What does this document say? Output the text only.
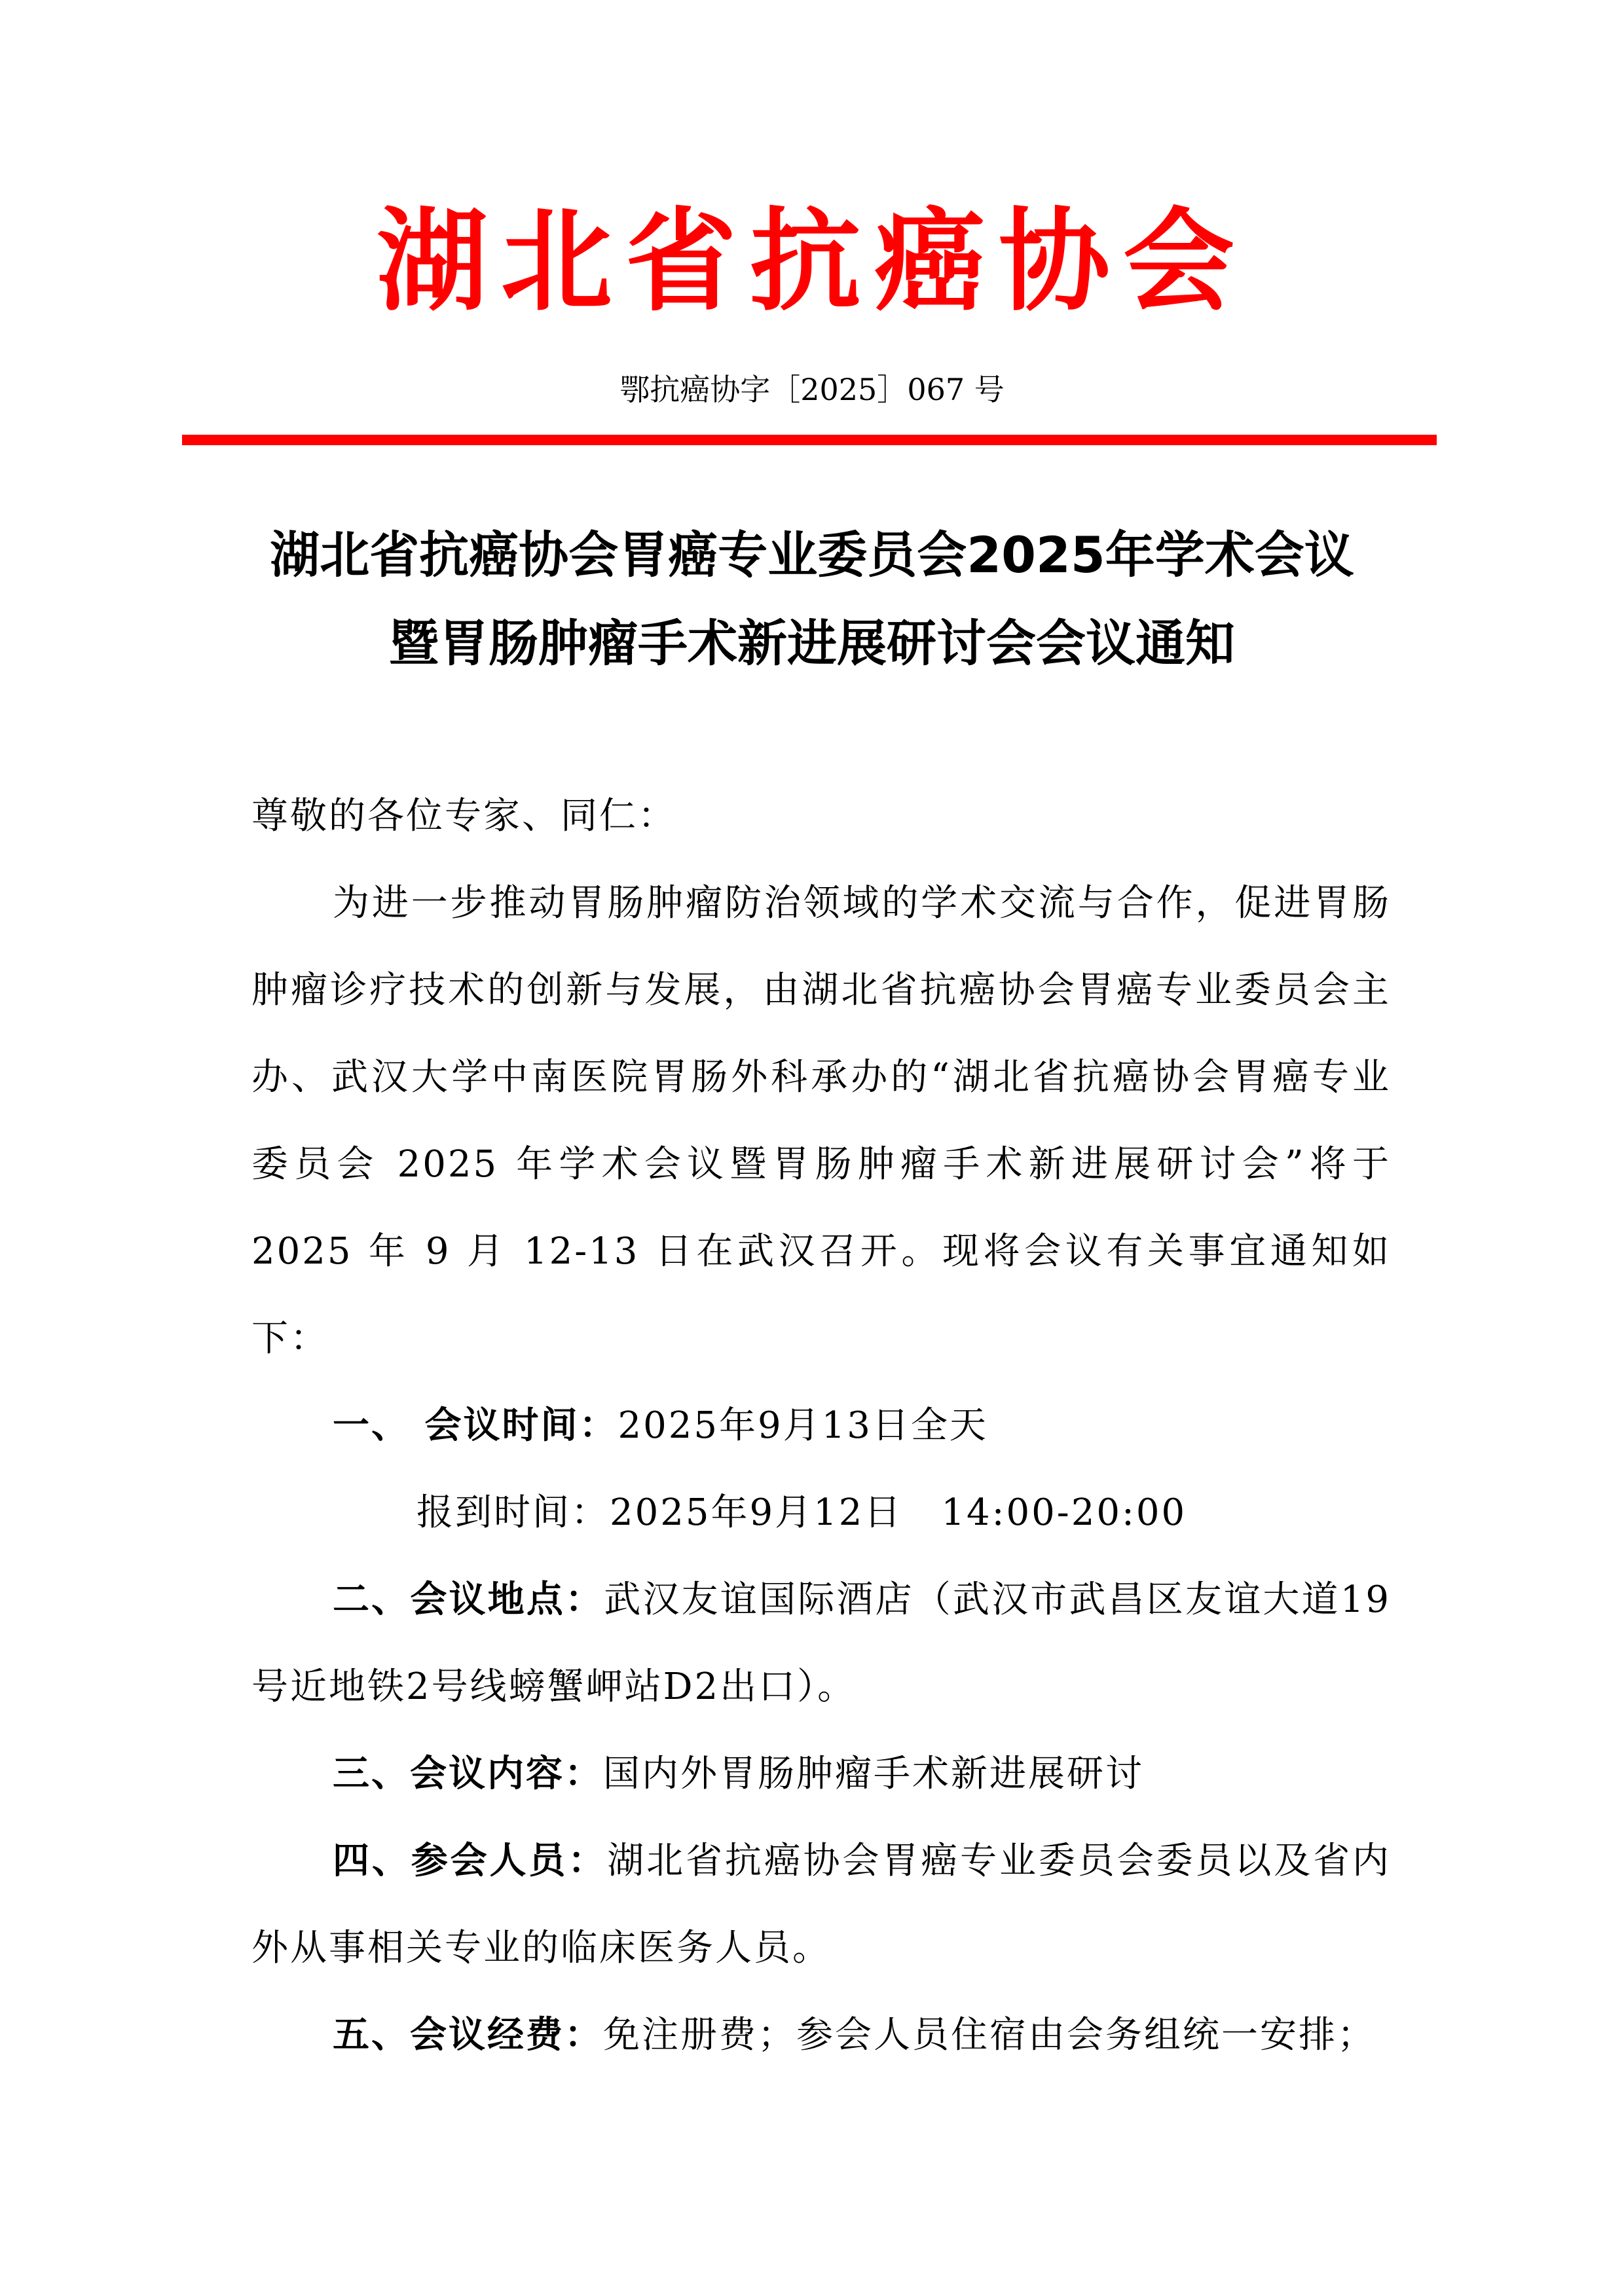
湖北省抗癌协会
鄂抗癌协字［2025］067 号
湖北省抗癌协会胃癌专业委员会2025年学术会议
暨胃肠肿瘤手术新进展研讨会会议通知

尊敬的各位专家、同仁：

为进一步推动胃肠肿瘤防治领域的学术交流与合作，促进胃肠肿瘤诊疗技术的创新与发展，由湖北省抗癌协会胃癌专业委员会主办、武汉大学中南医院胃肠外科承办的“湖北省抗癌协会胃癌专业委员会 2025 年学术会议暨胃肠肿瘤手术新进展研讨会”将于 2025 年 9 月 12-13 日在武汉召开。现将会议有关事宜通知如下：

一、 会议时间：2025年9月13日全天

报到时间：2025年9月12日　14:00-20:00

二、会议地点：武汉友谊国际酒店（武汉市武昌区友谊大道19号近地铁2号线螃蟹岬站D2出口）。

三、会议内容：国内外胃肠肿瘤手术新进展研讨

四、参会人员：湖北省抗癌协会胃癌专业委员会委员以及省内外从事相关专业的临床医务人员。

五、会议经费：免注册费；参会人员住宿由会务组统一安排；
